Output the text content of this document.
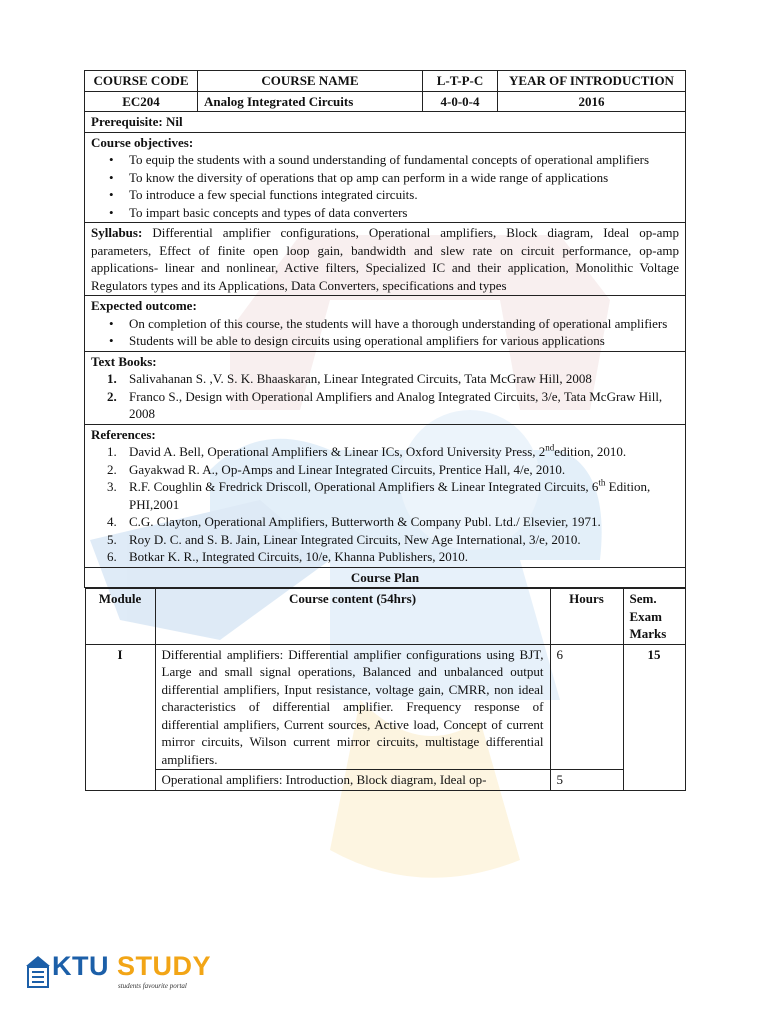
COURSE CODE	COURSE NAME	L-T-P-C	YEAR OF INTRODUCTION
EC204	Analog Integrated Circuits	4-0-0-4	2016
Prerequisite: Nil

Course objectives:
• To equip the students with a sound understanding of fundamental concepts of operational amplifiers
• To know the diversity of operations that op amp can perform in a wide range of applications
• To introduce a few special functions integrated circuits.
• To impart basic concepts and types of data converters

Syllabus: Differential amplifier configurations, Operational amplifiers, Block diagram, Ideal op-amp parameters, Effect of finite open loop gain, bandwidth and slew rate on circuit performance, op-amp applications- linear and nonlinear, Active filters, Specialized IC and their application, Monolithic Voltage Regulators types and its Applications, Data Converters, specifications and types

Expected outcome:
• On completion of this course, the students will have a thorough understanding of operational amplifiers
• Students will be able to design circuits using operational amplifiers for various applications

Text Books:
1. Salivahanan S. ,V. S. K. Bhaaskaran, Linear Integrated Circuits, Tata McGraw Hill, 2008
2. Franco S., Design with Operational Amplifiers and Analog Integrated Circuits, 3/e, Tata McGraw Hill, 2008

References:
1. David A. Bell, Operational Amplifiers & Linear ICs, Oxford University Press, 2ndedition, 2010.
2. Gayakwad R. A., Op-Amps and Linear Integrated Circuits, Prentice Hall, 4/e, 2010.
3. R.F. Coughlin & Fredrick Driscoll, Operational Amplifiers & Linear Integrated Circuits, 6th Edition, PHI,2001
4. C.G. Clayton, Operational Amplifiers, Butterworth & Company Publ. Ltd./ Elsevier, 1971.
5. Roy D. C. and S. B. Jain, Linear Integrated Circuits, New Age International, 3/e, 2010.
6. Botkar K. R., Integrated Circuits, 10/e, Khanna Publishers, 2010.

Course Plan

Module	Course content (54hrs)	Hours	Sem. Exam Marks
I	Differential amplifiers: Differential amplifier configurations using BJT, Large and small signal operations, Balanced and unbalanced output differential amplifiers, Input resistance, voltage gain, CMRR, non ideal characteristics of differential amplifier. Frequency response of differential amplifiers, Current sources, Active load, Concept of current mirror circuits, Wilson current mirror circuits, multistage differential amplifiers.	6	15
Operational amplifiers: Introduction, Block diagram, Ideal op-	5
KTU STUDY
students favourite portal
